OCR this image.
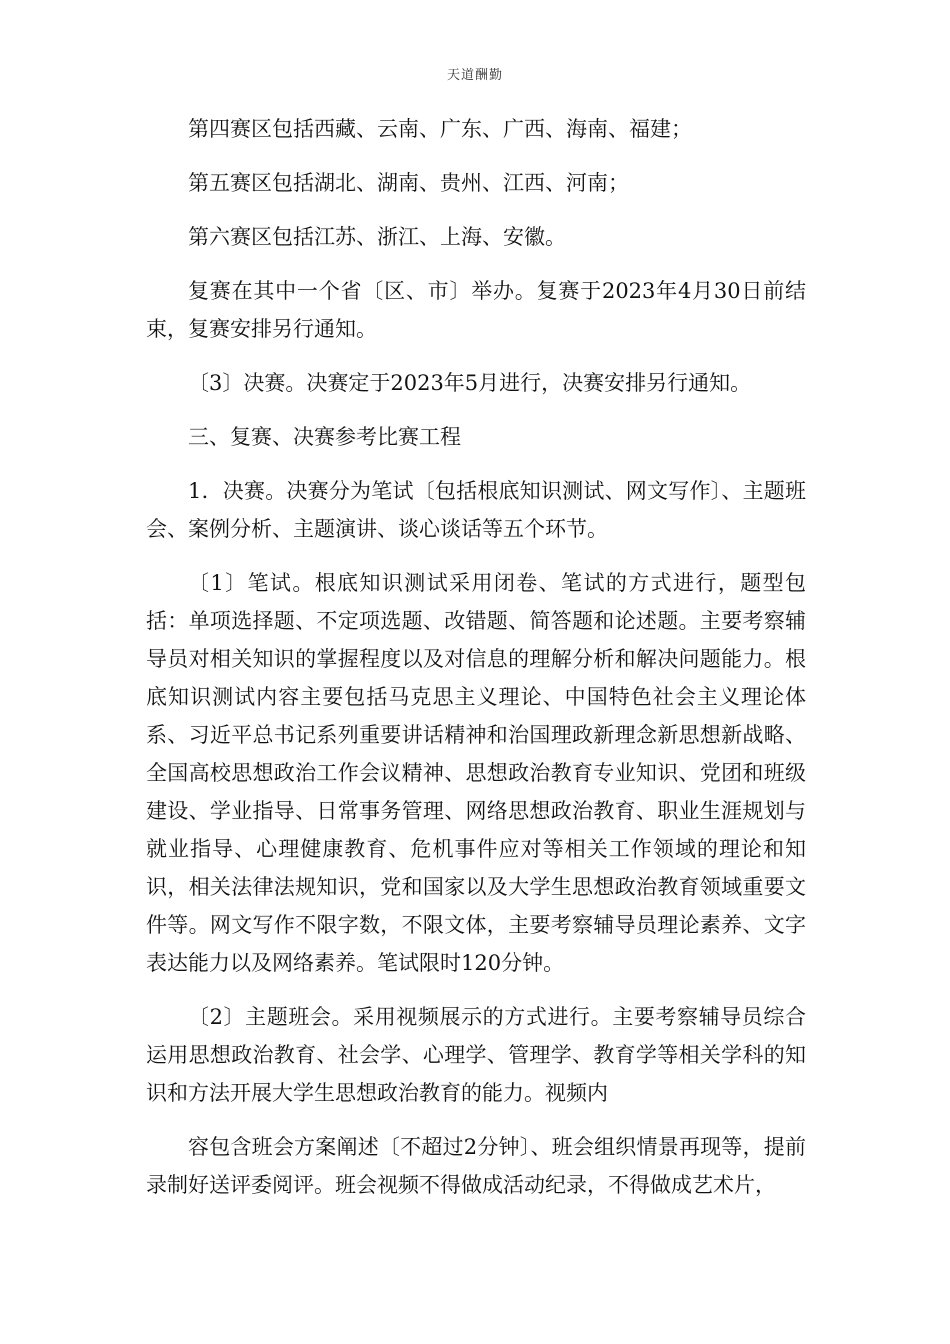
天道酬勤

第四赛区包括西藏、云南、广东、广西、海南、福建；

第五赛区包括湖北、湖南、贵州、江西、河南；

第六赛区包括江苏、浙江、上海、安徽。

复赛在其中一个省〔区、市〕举办。复赛于2023年4月30日前结束，复赛安排另行通知。

〔3〕决赛。决赛定于2023年5月进行，决赛安排另行通知。

三、复赛、决赛参考比赛工程

1．决赛。决赛分为笔试〔包括根底知识测试、网文写作〕、主题班会、案例分析、主题演讲、谈心谈话等五个环节。

〔1〕笔试。根底知识测试采用闭卷、笔试的方式进行，题型包括：单项选择题、不定项选题、改错题、简答题和论述题。主要考察辅导员对相关知识的掌握程度以及对信息的理解分析和解决问题能力。根底知识测试内容主要包括马克思主义理论、中国特色社会主义理论体系、习近平总书记系列重要讲话精神和治国理政新理念新思想新战略、全国高校思想政治工作会议精神、思想政治教育专业知识、党团和班级建设、学业指导、日常事务管理、网络思想政治教育、职业生涯规划与就业指导、心理健康教育、危机事件应对等相关工作领域的理论和知识，相关法律法规知识，党和国家以及大学生思想政治教育领域重要文件等。网文写作不限字数，不限文体，主要考察辅导员理论素养、文字表达能力以及网络素养。笔试限时120分钟。

〔2〕主题班会。采用视频展示的方式进行。主要考察辅导员综合运用思想政治教育、社会学、心理学、管理学、教育学等相关学科的知识和方法开展大学生思想政治教育的能力。视频内

容包含班会方案阐述〔不超过2分钟〕、班会组织情景再现等，提前录制好送评委阅评。班会视频不得做成活动纪录，不得做成艺术片，
